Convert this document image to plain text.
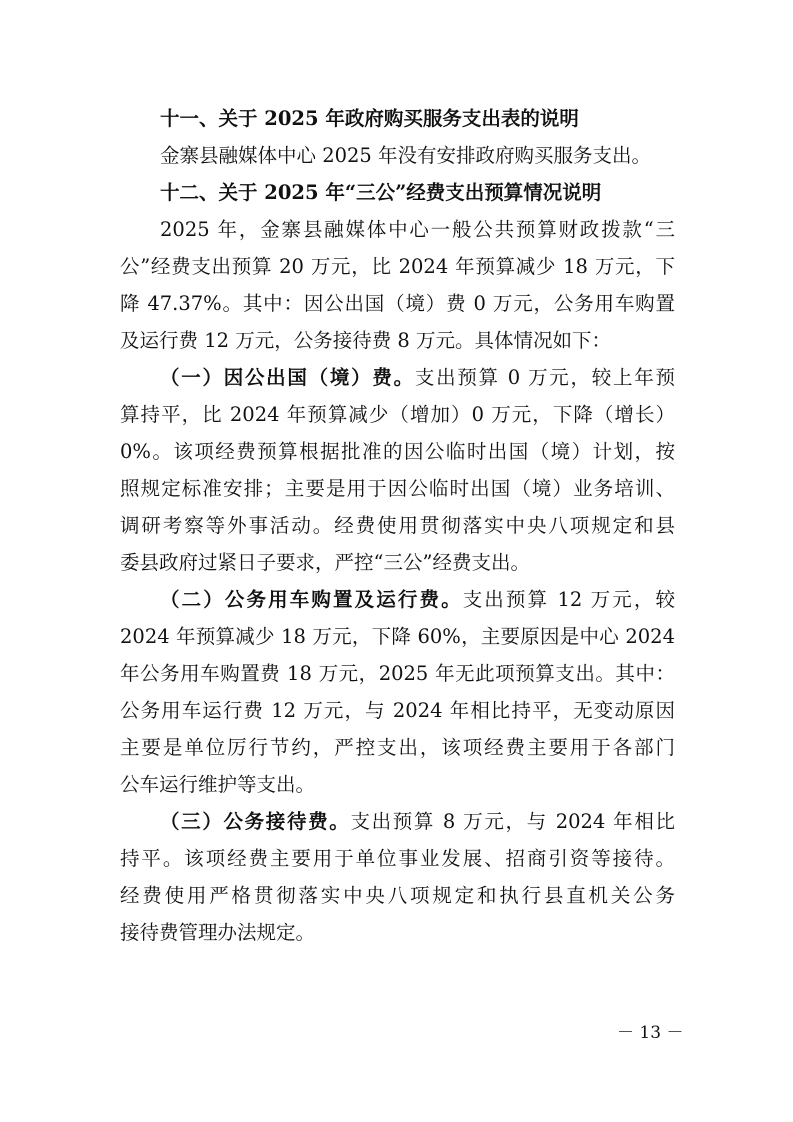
十一、关于 2025 年政府购买服务支出表的说明
金寨县融媒体中心 2025 年没有安排政府购买服务支出。
十二、关于 2025 年“三公”经费支出预算情况说明
2025 年，金寨县融媒体中心一般公共预算财政拨款“三
公”经费支出预算 20 万元，比 2024 年预算减少 18 万元，下
降 47.37%。其中：因公出国（境）费 0 万元，公务用车购置
及运行费 12 万元，公务接待费 8 万元。具体情况如下：
（一）因公出国（境）费。支出预算 0 万元，较上年预
算持平，比 2024 年预算减少（增加）0 万元，下降（增长）
0%。该项经费预算根据批准的因公临时出国（境）计划，按
照规定标准安排；主要是用于因公临时出国（境）业务培训、
调研考察等外事活动。经费使用贯彻落实中央八项规定和县
委县政府过紧日子要求，严控“三公”经费支出。
（二）公务用车购置及运行费。支出预算 12 万元，较
2024 年预算减少 18 万元，下降 60%，主要原因是中心 2024
年公务用车购置费 18 万元，2025 年无此项预算支出。其中：
公务用车运行费 12 万元，与 2024 年相比持平，无变动原因
主要是单位厉行节约，严控支出，该项经费主要用于各部门
公车运行维护等支出。
（三）公务接待费。支出预算 8 万元，与 2024 年相比
持平。该项经费主要用于单位事业发展、招商引资等接待。
经费使用严格贯彻落实中央八项规定和执行县直机关公务
接待费管理办法规定。
－ 13 －
